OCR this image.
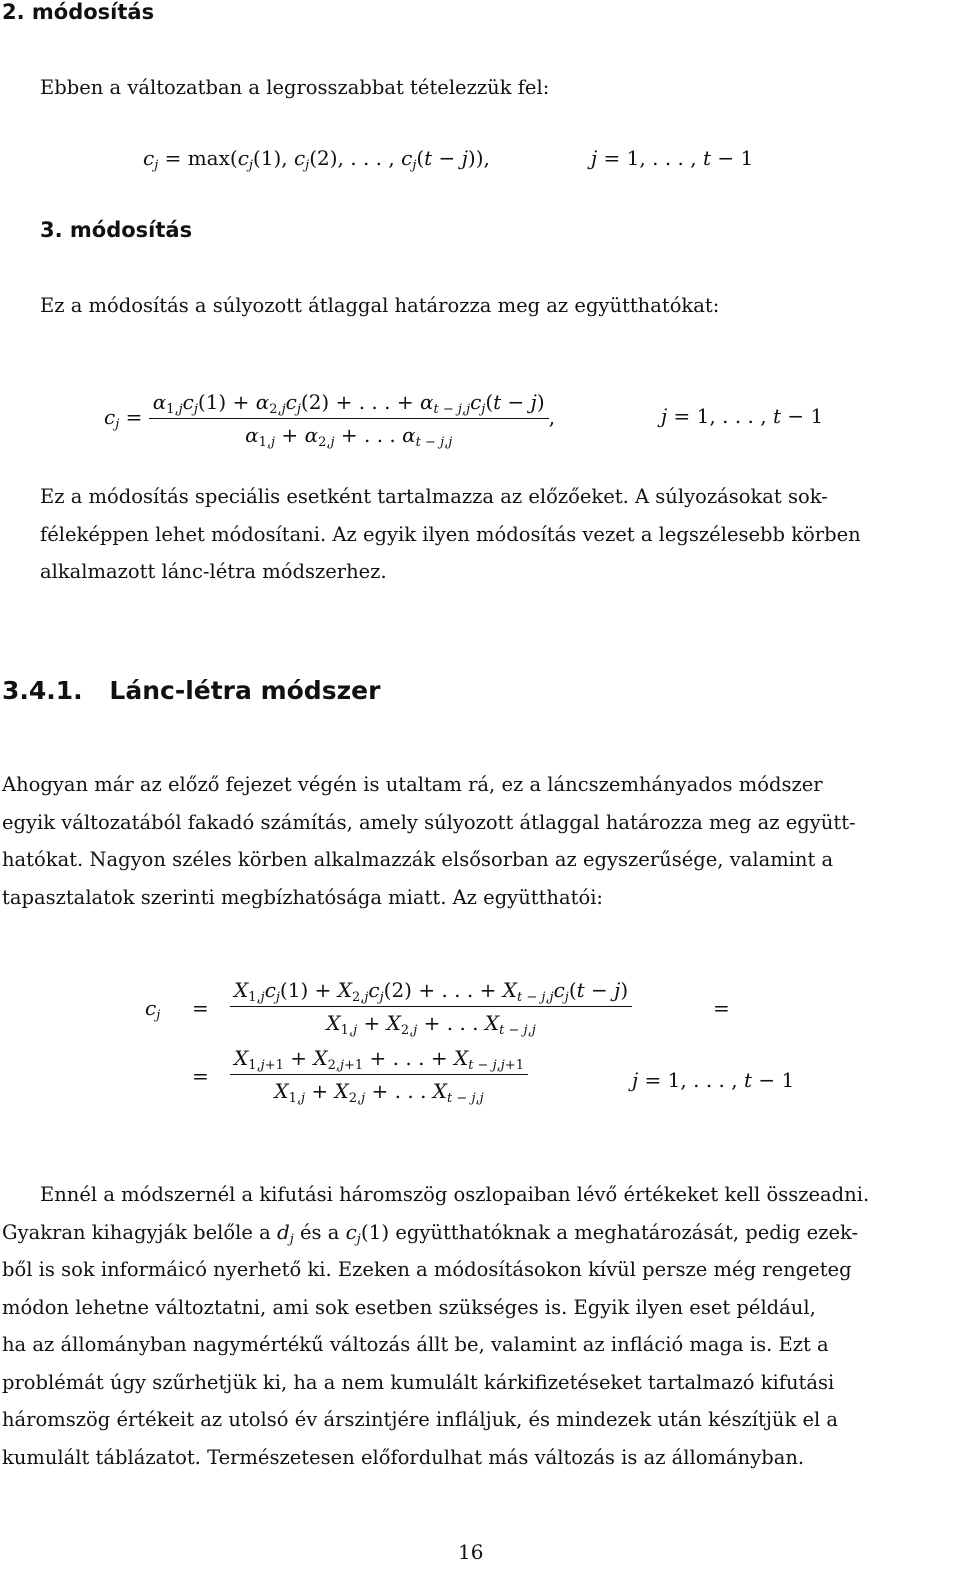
2. módosítás
Ebben a változatban a legrosszabbat tételezzük fel:
$c_j = \max(c_j(1)$, $c_j(2)$, . . . , $c_j(t - j)$),	j = 1, . . . , t − 1
3. módosítás
Ez a módosítás a súlyozott átlaggal határozza meg az együtthatókat:
$c_j = \frac{\alpha_{1,j}c_j(1) + \alpha_{2,j}c_j(2) + . . . + \alpha_{t - j,j}c_j(t - j)}{\alpha_{1,j} + \alpha_{2,j} + . . . \alpha_{t - j,j}}$ ,	j = 1, . . . , t − 1
Ez a módosítás speciális esetként tartalmazza az előzőeket. A súlyozásokat sok-
féleképpen lehet módosítani. Az egyik ilyen módosítás vezet a legszélesebb körben
alkalmazott lánc-létra módszerhez.
3.4.1. Lánc-létra módszer
Ahogyan már az előző fejezet végén is utaltam rá, ez a láncszemhányados módszer
egyik változatából fakadó számítás, amely súlyozott átlaggal határozza meg az együtt-
hatókat. Nagyon széles körben alkalmazzák elsősorban az egyszerűsége, valamint a
tapasztalatok szerinti megbízhatósága miatt. Az együtthatói:
$c_j = \frac{X_{1,j}c_j(1) + X_{2,j}c_j(2) + . . . + X_{t - j,j}c_j(t - j)}{X_{1,j} + X_{2,j} + . . . X_{t - j,j}}$	=
= $\frac{X_{1,j+1} + X_{2,j+1} + . . . + X_{t - j,j+1}}{X_{1,j} + X_{2,j} + . . . X_{t - j,j}}$	j = 1, . . . , t − 1
Ennél a módszernél a kifutási háromszög oszlopaiban lévő értékeket kell összeadni.
Gyakran kihagyják belőle a $d_j$ és a $c_j(1)$ együtthatóknak a meghatározását, pedig ezek-
ből is sok informáicó nyerhető ki. Ezeken a módosításokon kívül persze még rengeteg
módon lehetne változtatni, ami sok esetben szükséges is. Egyik ilyen eset például,
ha az állományban nagymértékű változás állt be, valamint az infláció maga is. Ezt a
problémát úgy szűrhetjük ki, ha a nem kumulált kárkifizetéseket tartalmazó kifutási
háromszög értékeit az utolsó év árszintjére infláljuk, és mindezek után készítjük el a
kumulált táblázatot. Természetesen előfordulhat más változás is az állományban.
16
